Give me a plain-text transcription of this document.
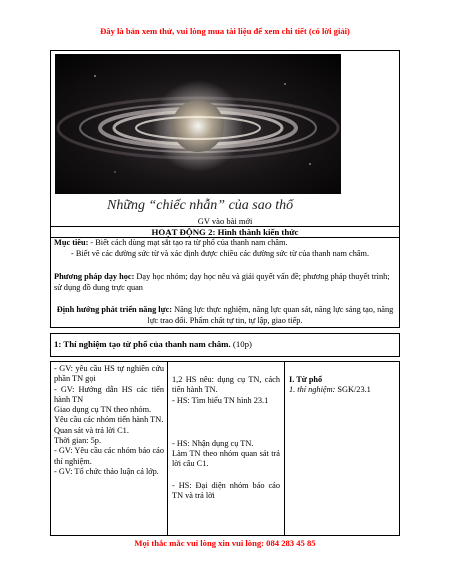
Đây là bản xem thử, vui lòng mua tài liệu để xem chi tiết (có lời giải)
Những “chiếc nhẫn” của sao thổ
GV vào bài mới
HOẠT ĐỘNG 2: Hình thành kiến thức
Mục tiêu: - Biết cách dùng mạt sắt tạo ra từ phổ của thanh nam châm.
- Biết vẽ các đường sức từ và xác định được chiều các đường sức từ của thanh nam châm.
Phương pháp dạy học: Dạy học nhóm; dạy học nêu và giải quyết vấn đề; phương pháp thuyết trình; sử dụng đồ dung trực quan
Định hướng phát triển năng lực: Năng lực thực nghiệm, năng lực quan sát, năng lực sáng tạo, năng lực trao đổi. Phẩm chất tự tin, tự lập, giao tiếp.
1: Thí nghiệm tạo từ phổ của thanh nam châm. (10p)
- GV: yêu cầu HS tự nghiên cứu phần TN gọi
- GV: Hướng dẫn HS các tiến hành TN
Giao dụng cụ TN theo nhóm.
Yêu cầu các nhóm tiến hành TN.
Quan sát và trả lời C1.
Thời gian: 5p.
- GV: Yêu cầu các nhóm báo cáo thí nghiệm.
- GV: Tổ chức thảo luận cả lớp.
1,2 HS nêu: dụng cụ TN, cách tiến hành TN.
- HS: Tìm hiểu TN hình 23.1
- HS: Nhận dụng cụ TN.
Làm TN theo nhóm quan sát trả lời câu C1.
- HS: Đại diện nhóm báo cáo TN và trả lời
I. Từ phổ
1. thí nghiệm: SGK/23.1
Mọi thắc mắc vui lòng xin vui lòng: 084 283 45 85
